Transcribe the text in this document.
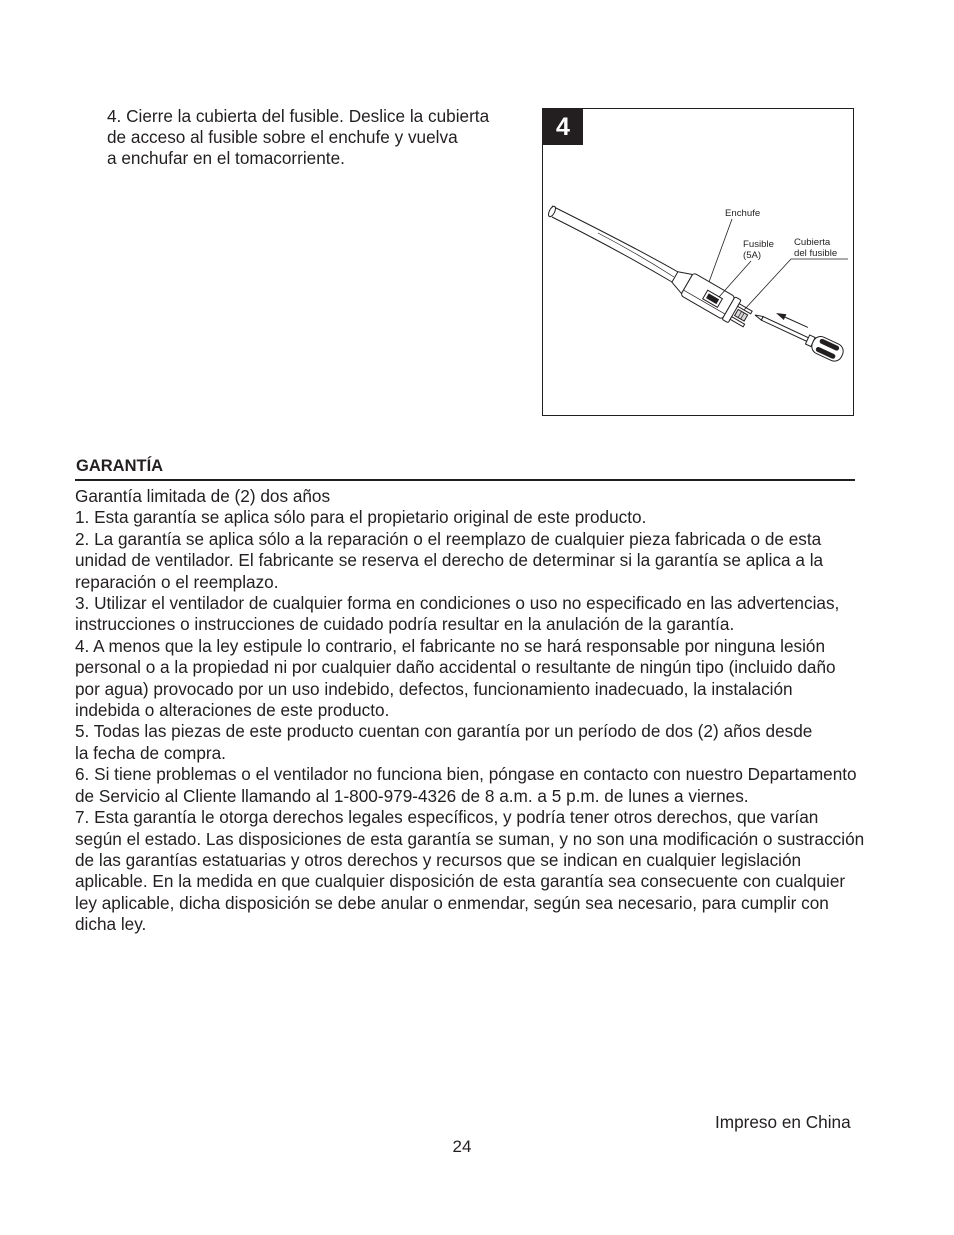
4. Cierre la cubierta del fusible. Deslice la cubierta
de acceso al fusible sobre el enchufe y vuelva
a enchufar en el tomacorriente.
Enchufe
Fusible
(5A)
Cubierta
del fusible
4
GARANTÍA
Garantía limitada de (2) dos años
1. Esta garantía se aplica sólo para el propietario original de este producto.
2. La garantía se aplica sólo a la reparación o el reemplazo de cualquier pieza fabricada o de esta
unidad de ventilador. El fabricante se reserva el derecho de determinar si la garantía se aplica a la
reparación o el reemplazo.
3. Utilizar el ventilador de cualquier forma en condiciones o uso no especificado en las advertencias,
instrucciones o instrucciones de cuidado podría resultar en la anulación de la garantía.
4. A menos que la ley estipule lo contrario, el fabricante no se hará responsable por ninguna lesión
personal o a la propiedad ni por cualquier daño accidental o resultante de ningún tipo (incluido daño
por agua) provocado por un uso indebido, defectos, funcionamiento inadecuado, la instalación
indebida o alteraciones de este producto.
5. Todas las piezas de este producto cuentan con garantía por un período de dos (2) años desde
la fecha de compra.
6. Si tiene problemas o el ventilador no funciona bien, póngase en contacto con nuestro Departamento
de Servicio al Cliente llamando al 1-800-979-4326 de 8 a.m. a 5 p.m. de lunes a viernes.
7. Esta garantía le otorga derechos legales específicos, y podría tener otros derechos, que varían
según el estado. Las disposiciones de esta garantía se suman, y no son una modificación o sustracción
de las garantías estatuarias y otros derechos y recursos que se indican en cualquier legislación
aplicable. En la medida en que cualquier disposición de esta garantía sea consecuente con cualquier
ley aplicable, dicha disposición se debe anular o enmendar, según sea necesario, para cumplir con
dicha ley.
Impreso en China
24
